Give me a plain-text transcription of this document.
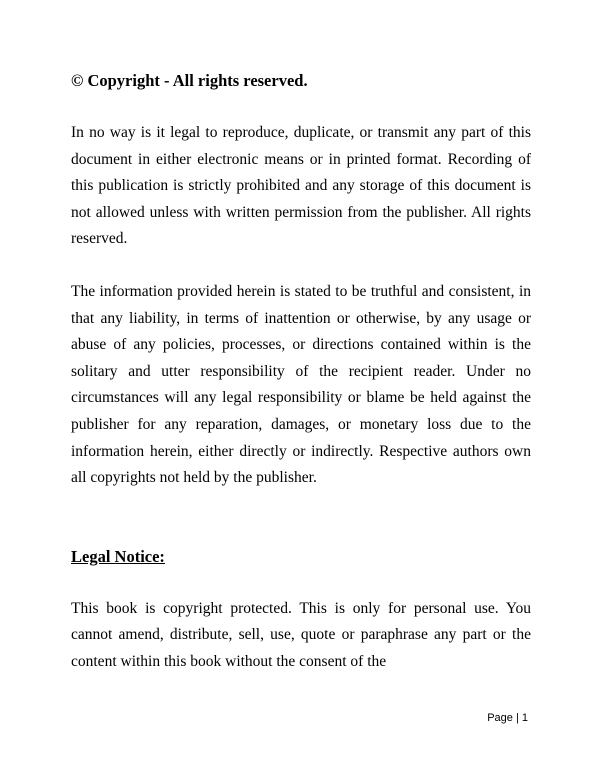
© Copyright - All rights reserved.

In no way is it legal to reproduce, duplicate, or transmit any part of this document in either electronic means or in printed format. Recording of this publication is strictly prohibited and any storage of this document is not allowed unless with written permission from the publisher. All rights reserved.

The information provided herein is stated to be truthful and consistent, in that any liability, in terms of inattention or otherwise, by any usage or abuse of any policies, processes, or directions contained within is the solitary and utter responsibility of the recipient reader. Under no circumstances will any legal responsibility or blame be held against the publisher for any reparation, damages, or monetary loss due to the information herein, either directly or indirectly. Respective authors own all copyrights not held by the publisher.

Legal Notice:

This book is copyright protected. This is only for personal use. You cannot amend, distribute, sell, use, quote or paraphrase any part or the content within this book without the consent of the

Page | 1
